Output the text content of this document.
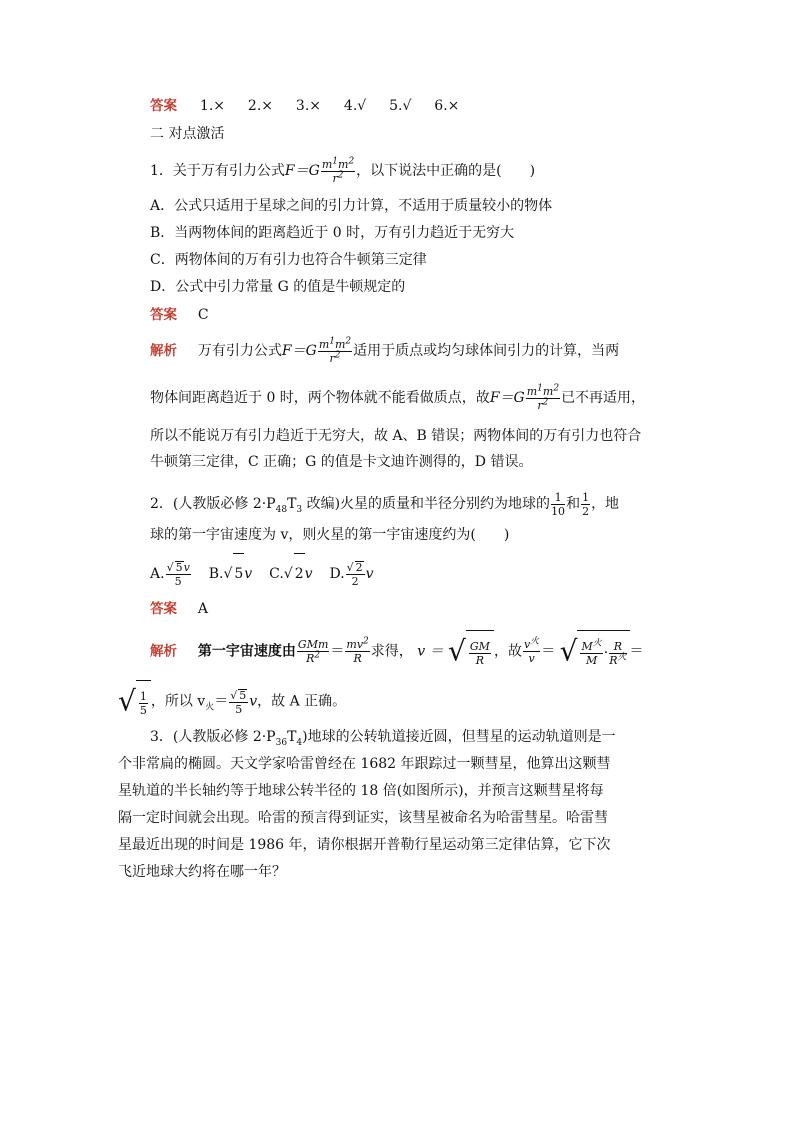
答案 1.× 2.× 3.× 4.√ 5.√ 6.×
二 对点激活
1．关于万有引力公式$F=G \frac{m^1m^2}{r^2}$ ，以下说法中正确的是(　　)
A．公式只适用于星球之间的引力计算，不适用于质量较小的物体
B．当两物体间的距离趋近于 0 时，万有引力趋近于无穷大
C．两物体间的万有引力也符合牛顿第三定律
D．公式中引力常量 G 的值是牛顿规定的
答案 C
解析 万有引力公式$F=G \frac{m^1m^2}{r^2}$ 适用于质点或均匀球体间引力的计算，当两
物体间距离趋近于 0 时，两个物体就不能看做质点，故$F=G \frac{m^1m^2}{r^2}$ 已不再适用，
所以不能说万有引力趋近于无穷大，故 A、B 错误；两物体间的万有引力也符合
牛顿第三定律，C 正确；G 的值是卡文迪许测得的，D 错误。
2．(人教版必修 $2\cdot P_{48}T_3$ 改编)火星的质量和半径分别约为地球的 $\frac{1}{10}$ 和 $\frac{1}{2}$ ，地
球的第一宇宙速度为 v，则火星的第一宇宙速度约为(　　)
A. $\frac{√ 5v}{5} B.√$ 5v C.√ 2v D. $\frac{√ 2}{2}$ v
答案 A
解析 第一宇宙速度由 $\frac{\text{GMm}}{R^2} = \frac{mv^2}{R}$ 求得， v ＝ √ $\frac{GM}{R}$ ，故 $\frac{v^火}{v}$ ＝ √ $\frac{M^火}{M} \cdot \frac{R}{R^火}$ ＝
√ $\frac{1}{5}$ ，所以 $v_火= \frac{√ 5}{5}$ v，故 A 正确。
3．(人教版必修 $2\cdot P_{36}T_4$)地球的公转轨道接近圆，但彗星的运动轨道则是一
个非常扁的椭圆。天文学家哈雷曾经在 1682 年跟踪过一颗彗星，他算出这颗彗
星轨道的半长轴约等于地球公转半径的 18 倍(如图所示)，并预言这颗彗星将每
隔一定时间就会出现。哈雷的预言得到证实，该彗星被命名为哈雷彗星。哈雷彗
星最近出现的时间是 1986 年，请你根据开普勒行星运动第三定律估算，它下次
飞近地球大约将在哪一年？
